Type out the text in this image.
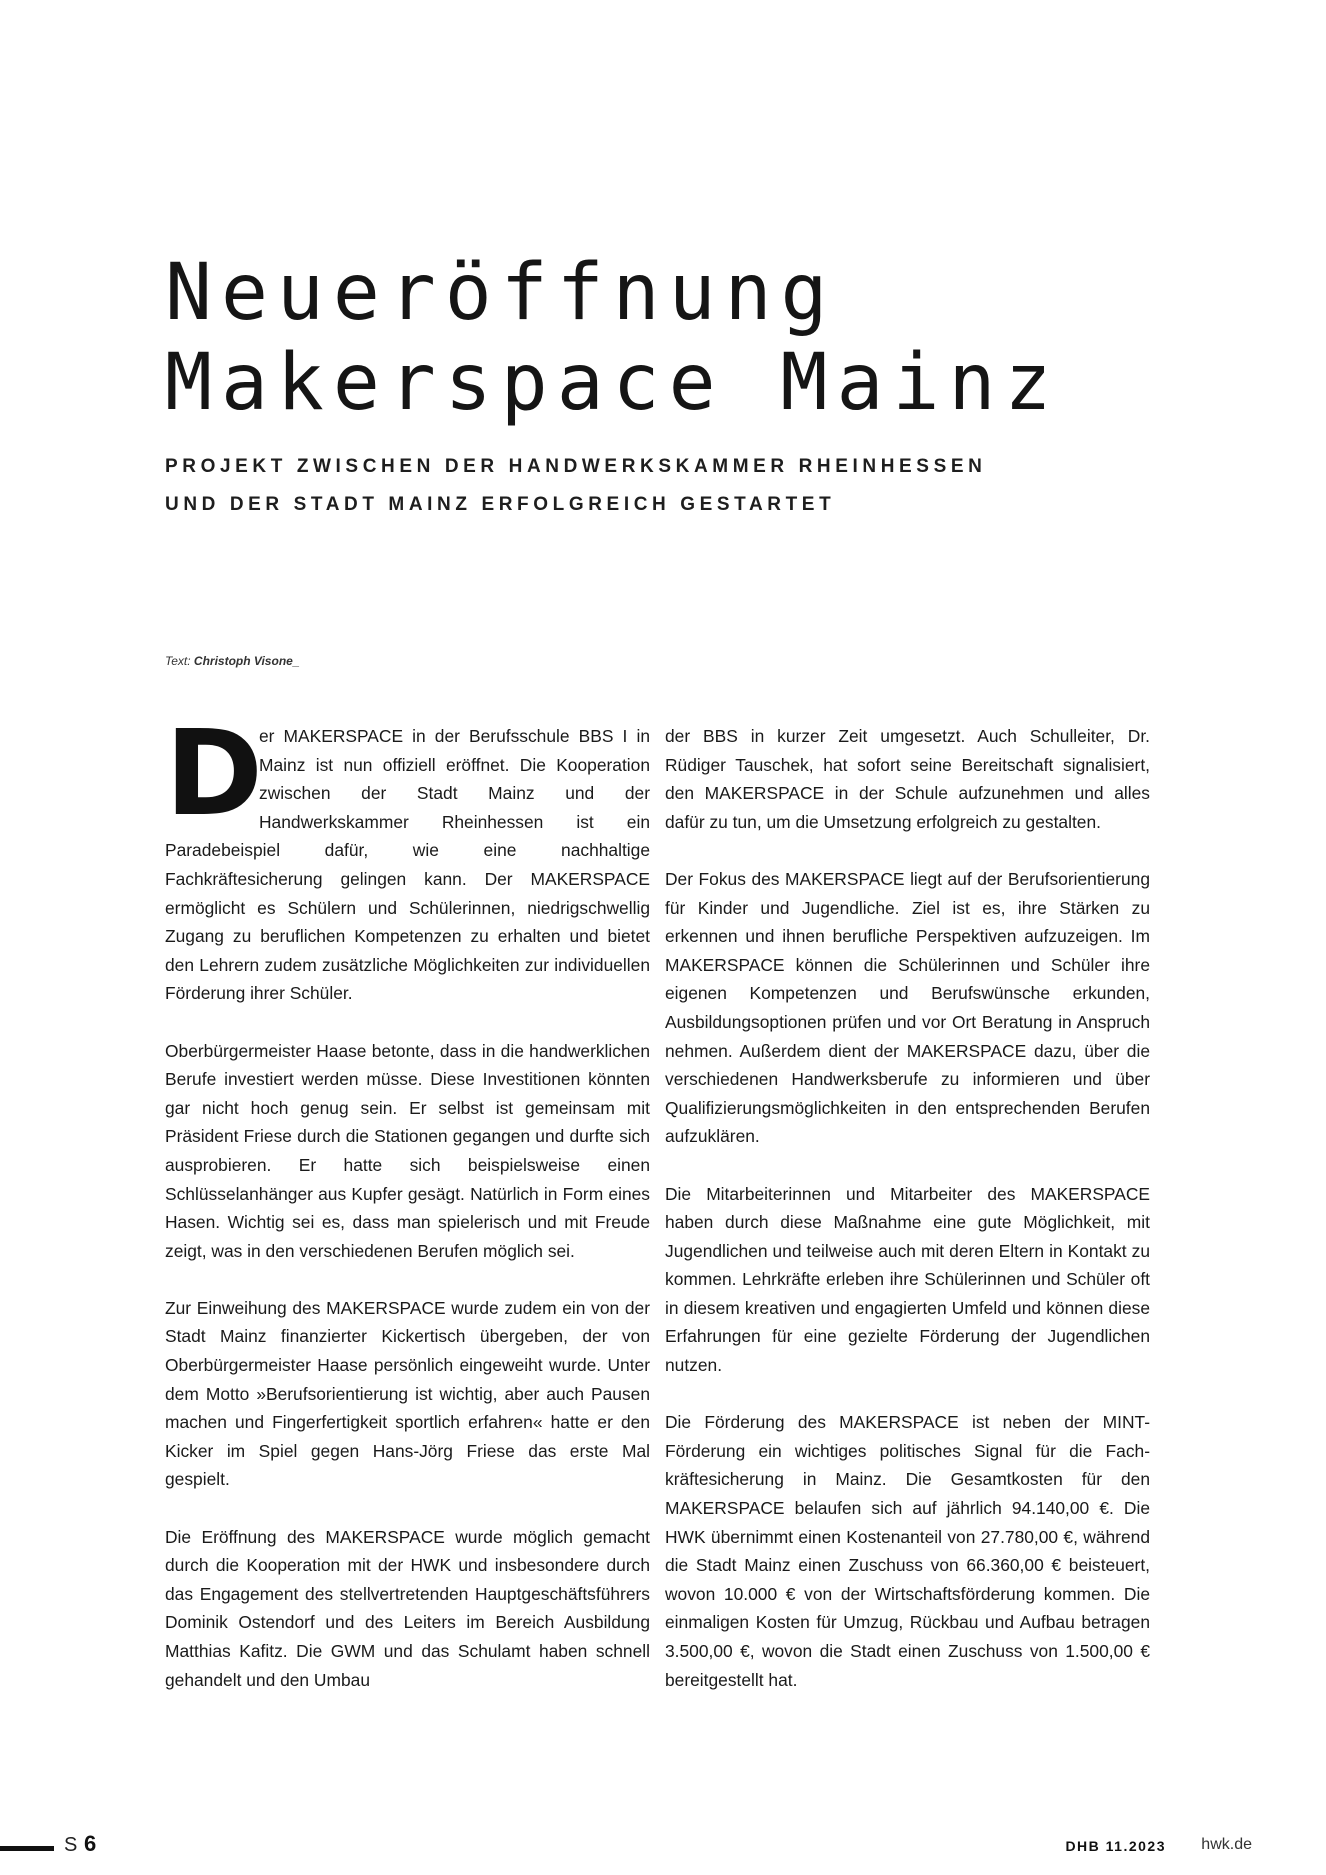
Neueröffnung
Makerspace Mainz
PROJEKT ZWISCHEN DER HANDWERKSKAMMER RHEINHESSEN
UND DER STADT MAINZ ERFOLGREICH GESTARTET
Text: Christoph Visone_

D
er MAKERSPACE in der Berufsschule BBS I in Mainz ist nun offiziell eröffnet. Die Kooperation zwischen der Stadt Mainz und der Handwerkskammer Rheinhessen ist ein Paradebeispiel dafür, wie eine nachhaltige Fachkräftesicherung gelingen kann. Der MAKERSPACE ermöglicht es Schülern und Schülerinnen, niedrigschwellig Zugang zu beruflichen Kompetenzen zu erhalten und bietet den Lehrern zudem zusätzliche Möglichkeiten zur individuellen Förderung ihrer Schüler.

Oberbürgermeister Haase betonte, dass in die handwerklichen Berufe investiert werden müsse. Diese Investitionen könnten gar nicht hoch genug sein. Er selbst ist gemeinsam mit Präsident Friese durch die Stationen gegangen und durfte sich ausprobieren. Er hatte sich beispielsweise einen Schlüsselanhänger aus Kupfer gesägt. Natürlich in Form eines Hasen. Wichtig sei es, dass man spielerisch und mit Freude zeigt, was in den verschiedenen Berufen möglich sei.

Zur Einweihung des MAKERSPACE wurde zudem ein von der Stadt Mainz finanzierter Kickertisch übergeben, der von Oberbürgermeister Haase persönlich eingeweiht wurde. Unter dem Motto »Berufsorientierung ist wichtig, aber auch Pausen machen und Fingerfertigkeit sportlich erfahren« hatte er den Kicker im Spiel gegen Hans-Jörg Friese das erste Mal gespielt.

Die Eröffnung des MAKERSPACE wurde möglich gemacht durch die Kooperation mit der HWK und insbesondere durch das Engagement des stellvertretenden Hauptgeschäftsführers Dominik Ostendorf und des Leiters im Bereich Ausbildung Matthias Kafitz. Die GWM und das Schulamt haben schnell gehandelt und den Umbau

der BBS in kurzer Zeit umgesetzt. Auch Schulleiter, Dr. Rüdiger Tauschek, hat sofort seine Bereitschaft signalisiert, den MAKERSPACE in der Schule aufzunehmen und alles dafür zu tun, um die Umsetzung erfolgreich zu gestalten.

Der Fokus des MAKERSPACE liegt auf der Berufsorientierung für Kinder und Jugendliche. Ziel ist es, ihre Stärken zu erkennen und ihnen berufliche Perspektiven aufzuzeigen. Im MAKERSPACE können die Schülerinnen und Schüler ihre eigenen Kompetenzen und Berufswünsche erkunden, Ausbildungsoptionen prüfen und vor Ort Beratung in Anspruch nehmen. Außerdem dient der MAKERSPACE dazu, über die verschiedenen Handwerksberufe zu informieren und über Qualifizierungsmöglichkeiten in den entsprechenden Berufen aufzuklären.

Die Mitarbeiterinnen und Mitarbeiter des MAKERSPACE haben durch diese Maßnahme eine gute Möglichkeit, mit Jugendlichen und teilweise auch mit deren Eltern in Kontakt zu kommen. Lehrkräfte erleben ihre Schülerinnen und Schüler oft in diesem kreativen und engagierten Umfeld und können diese Erfahrungen für eine gezielte Förderung der Jugendlichen nutzen.

Die Förderung des MAKERSPACE ist neben der MINT-Förderung ein wichtiges politisches Signal für die Fachkräftesicherung in Mainz. Die Gesamtkosten für den MAKERSPACE belaufen sich auf jährlich 94.140,00 €. Die HWK übernimmt einen Kostenanteil von 27.780,00 €, während die Stadt Mainz einen Zuschuss von 66.360,00 € beisteuert, wovon 10.000 € von der Wirtschaftsförderung kommen. Die einmaligen Kosten für Umzug, Rückbau und Aufbau betragen 3.500,00 €, wovon die Stadt einen Zuschuss von 1.500,00 € bereitgestellt hat.

S 6	DHB 11.2023 hwk.de
